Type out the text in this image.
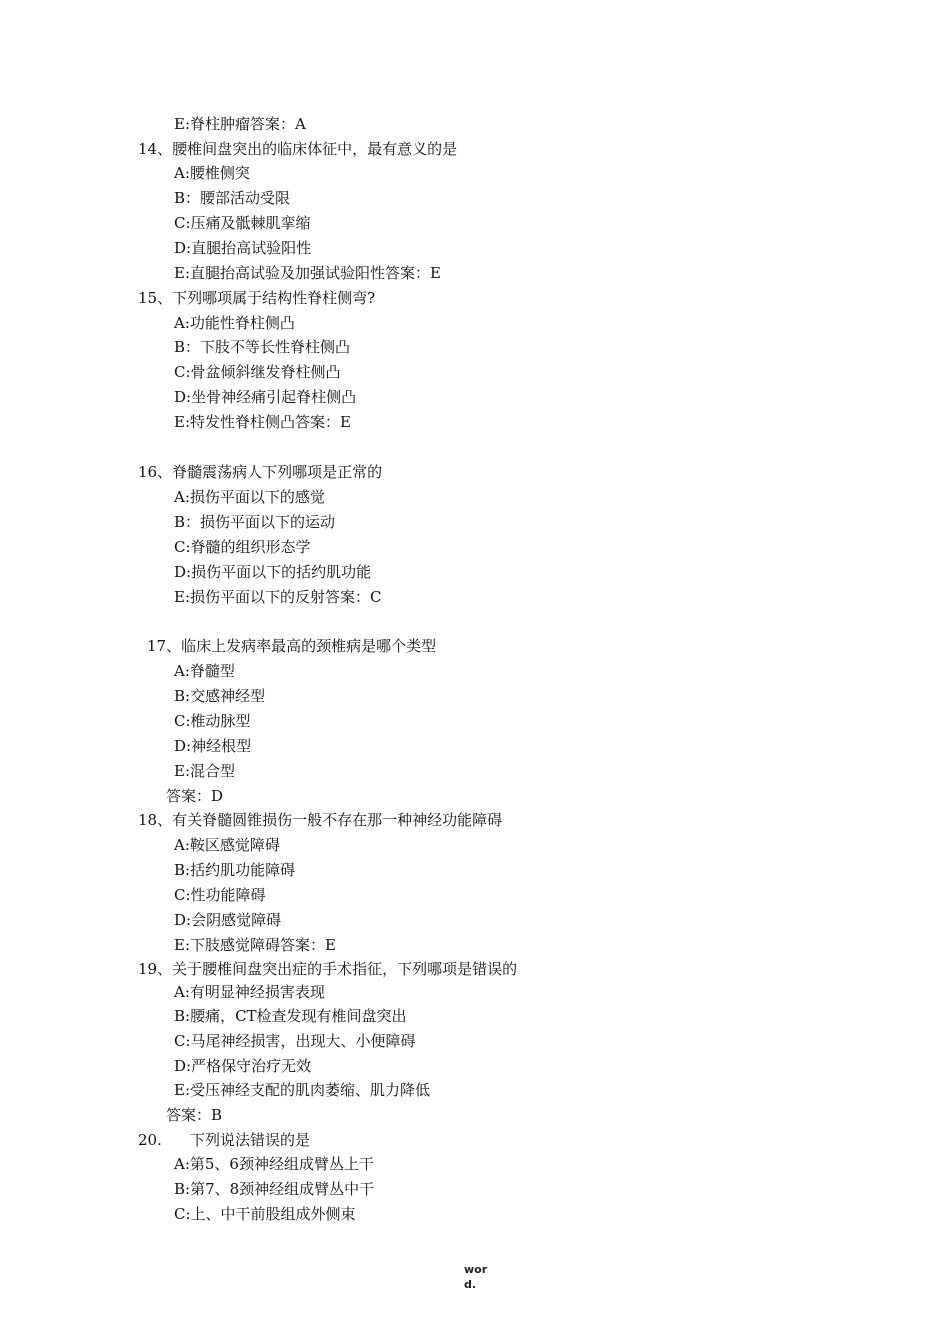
E:脊柱肿瘤答案：A
14、腰椎间盘突出的临床体征中，最有意义的是
A:腰椎侧突
B：腰部活动受限
C:压痛及骶棘肌挛缩
D:直腿抬高试验阳性
E:直腿抬高试验及加强试验阳性答案：E
15、下列哪项属于结构性脊柱侧弯?
A:功能性脊柱侧凸
B：下肢不等长性脊柱侧凸
C:骨盆倾斜继发脊柱侧凸
D:坐骨神经痛引起脊柱侧凸
E:特发性脊柱侧凸答案：E
16、脊髓震荡病人下列哪项是正常的
A:损伤平面以下的感觉
B：损伤平面以下的运动
C:脊髓的组织形态学
D:损伤平面以下的括约肌功能
E:损伤平面以下的反射答案：C
17、临床上发病率最高的颈椎病是哪个类型
A:脊髓型
B:交感神经型
C:椎动脉型
D:神经根型
E:混合型
答案：D
18、有关脊髓圆锥损伤一般不存在那一种神经功能障碍
A:鞍区感觉障碍
B:括约肌功能障碍
C:性功能障碍
D:会阴感觉障碍
E:下肢感觉障碍答案：E
19、关于腰椎间盘突出症的手术指征，下列哪项是错误的
A:有明显神经损害表现
B:腰痛，CT检查发现有椎间盘突出
C:马尾神经损害，出现大、小便障碍
D:严格保守治疗无效
E:受压神经支配的肌肉萎缩、肌力降低
答案：B
20. 下列说法错误的是
A:第5、6颈神经组成臂丛上干
B:第7、8颈神经组成臂丛中干
C:上、中干前股组成外侧束
wor
d.
